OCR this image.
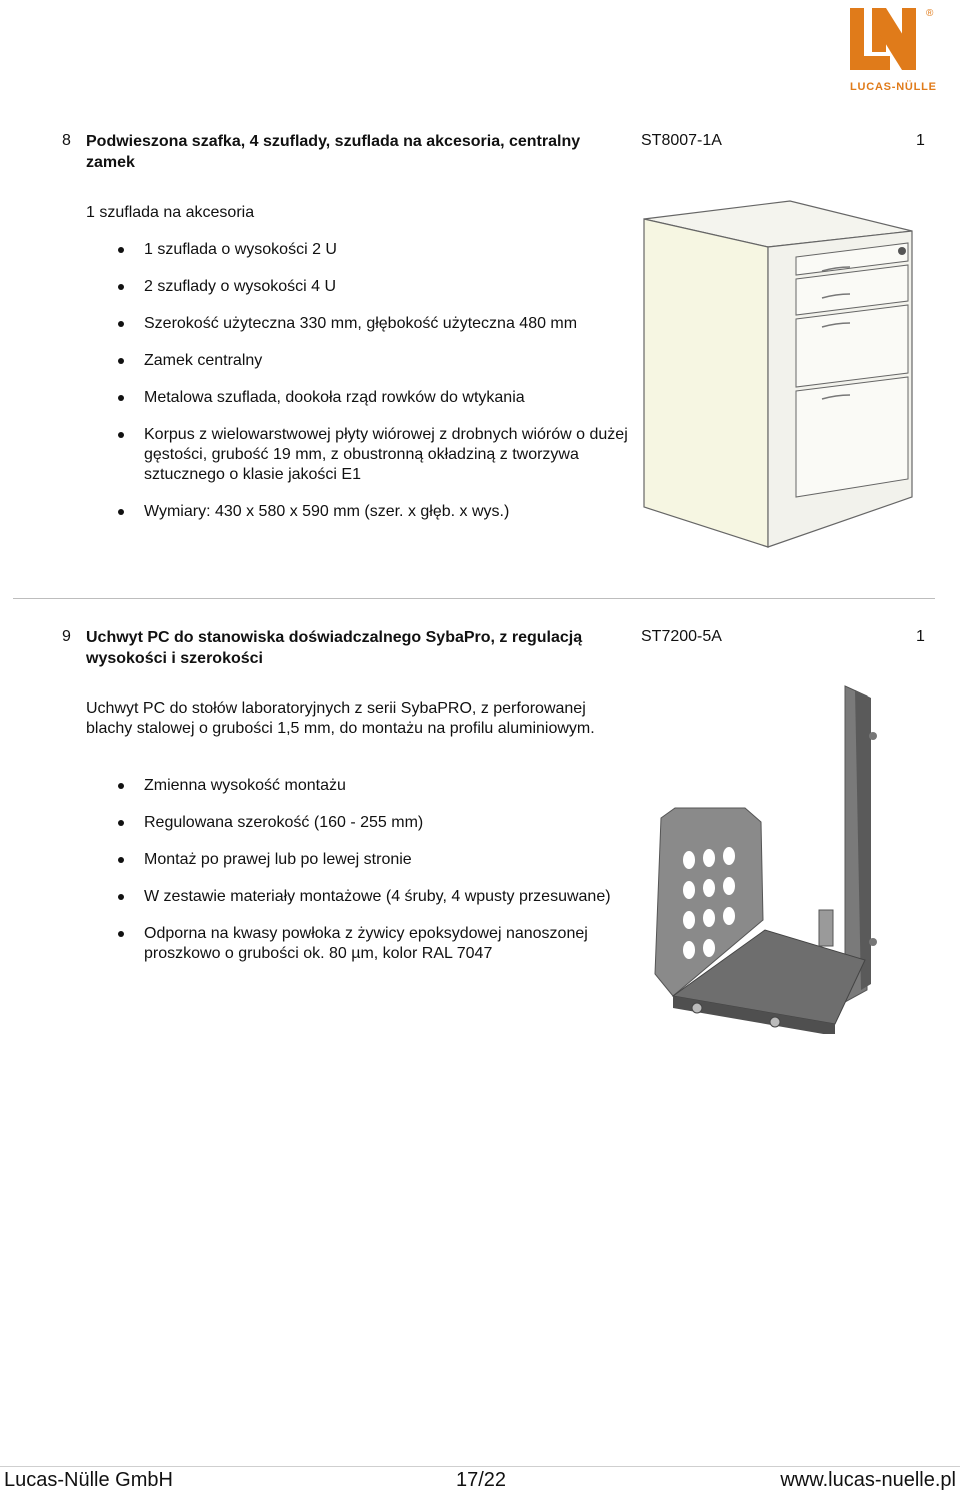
®
LUCAS-NÜLLE
8 Podwieszona szafka, 4 szuflady, szuflada na akcesoria, centralny zamek
ST8007-1A	1
1 szuflada na akcesoria
1 szuflada o wysokości 2 U
2 szuflady o wysokości 4 U
Szerokość użyteczna 330 mm, głębokość użyteczna 480 mm
Zamek centralny
Metalowa szuflada, dookoła rząd rowków do wtykania
Korpus z wielowarstwowej płyty wiórowej z drobnych wiórów o dużej gęstości, grubość 19 mm, z obustronną okładziną z tworzywa sztucznego o klasie jakości E1
Wymiary: 430 x 580 x 590 mm (szer. x głęb. x wys.)
9 Uchwyt PC do stanowiska doświadczalnego SybaPro, z regulacją wysokości i szerokości
ST7200-5A	1
Uchwyt PC do stołów laboratoryjnych z serii SybaPRO, z perforowanej blachy stalowej o grubości 1,5 mm, do montażu na profilu aluminiowym.
Zmienna wysokość montażu
Regulowana szerokość (160 - 255 mm)
Montaż po prawej lub po lewej stronie
W zestawie materiały montażowe (4 śruby, 4 wpusty przesuwane)
Odporna na kwasy powłoka z żywicy epoksydowej nanoszonej proszkowo o grubości ok. 80 µm, kolor RAL 7047
Lucas-Nülle GmbH	17/22	www.lucas-nuelle.pl
